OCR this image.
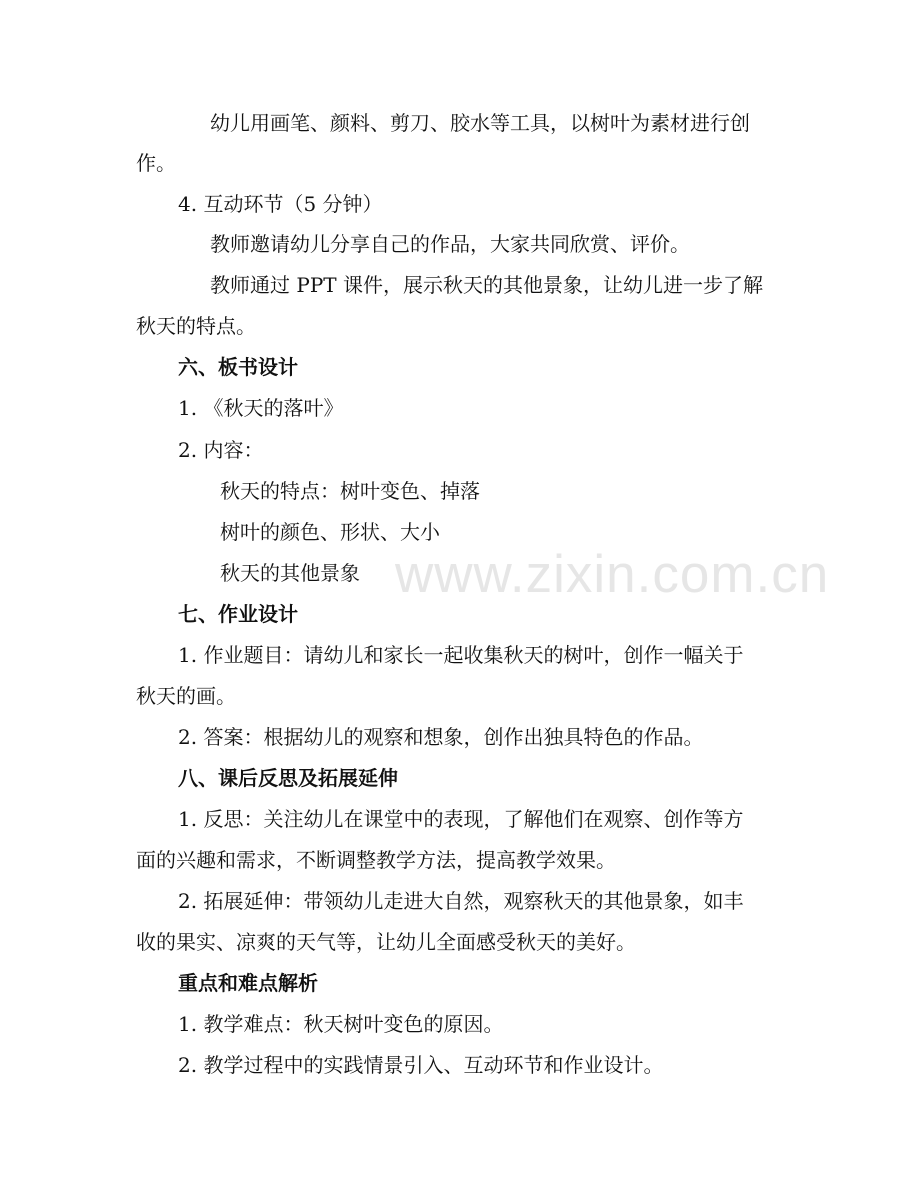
幼儿用画笔、颜料、剪刀、胶水等工具，以树叶为素材进行创
作。
4. 互动环节（5 分钟）
教师邀请幼儿分享自己的作品，大家共同欣赏、评价。
教师通过 PPT 课件，展示秋天的其他景象，让幼儿进一步了解
秋天的特点。
六、板书设计
1. 《秋天的落叶》
2. 内容：
秋天的特点：树叶变色、掉落
树叶的颜色、形状、大小
秋天的其他景象
七、作业设计
1. 作业题目：请幼儿和家长一起收集秋天的树叶，创作一幅关于
秋天的画。
2. 答案：根据幼儿的观察和想象，创作出独具特色的作品。
八、课后反思及拓展延伸
1. 反思：关注幼儿在课堂中的表现，了解他们在观察、创作等方
面的兴趣和需求，不断调整教学方法，提高教学效果。
2. 拓展延伸：带领幼儿走进大自然，观察秋天的其他景象，如丰
收的果实、凉爽的天气等，让幼儿全面感受秋天的美好。
重点和难点解析
1. 教学难点：秋天树叶变色的原因。
2. 教学过程中的实践情景引入、互动环节和作业设计。
www.zixin.com.cn
